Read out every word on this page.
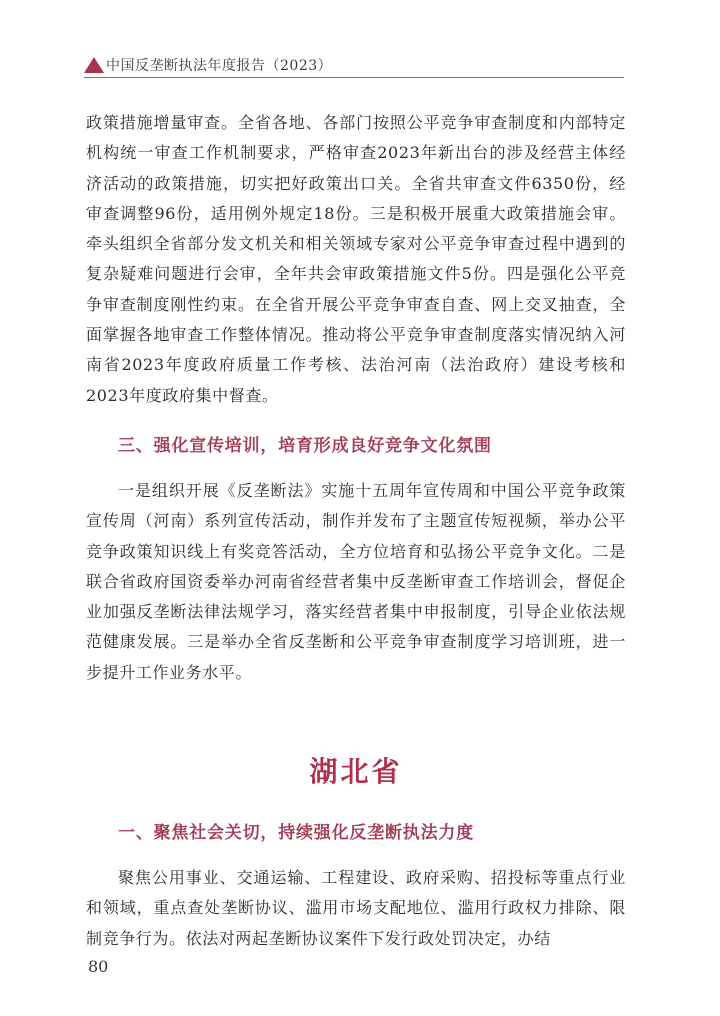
中国反垄断执法年度报告（2023）

政策措施增量审查。全省各地、各部门按照公平竞争审查制度和内部特定机构统一审查工作机制要求，严格审查2023年新出台的涉及经营主体经济活动的政策措施，切实把好政策出口关。全省共审查文件6350份，经审查调整96份，适用例外规定18份。三是积极开展重大政策措施会审。牵头组织全省部分发文机关和相关领域专家对公平竞争审查过程中遇到的复杂疑难问题进行会审，全年共会审政策措施文件5份。四是强化公平竞争审查制度刚性约束。在全省开展公平竞争审查自查、网上交叉抽查，全面掌握各地审查工作整体情况。推动将公平竞争审查制度落实情况纳入河南省2023年度政府质量工作考核、法治河南（法治政府）建设考核和2023年度政府集中督查。

三、强化宣传培训，培育形成良好竞争文化氛围

一是组织开展《反垄断法》实施十五周年宣传周和中国公平竞争政策宣传周（河南）系列宣传活动，制作并发布了主题宣传短视频，举办公平竞争政策知识线上有奖竞答活动，全方位培育和弘扬公平竞争文化。二是联合省政府国资委举办河南省经营者集中反垄断审查工作培训会，督促企业加强反垄断法律法规学习，落实经营者集中申报制度，引导企业依法规范健康发展。三是举办全省反垄断和公平竞争审查制度学习培训班，进一步提升工作业务水平。

湖北省
一、聚焦社会关切，持续强化反垄断执法力度

聚焦公用事业、交通运输、工程建设、政府采购、招投标等重点行业和领域，重点查处垄断协议、滥用市场支配地位、滥用行政权力排除、限制竞争行为。依法对两起垄断协议案件下发行政处罚决定，办结

80
